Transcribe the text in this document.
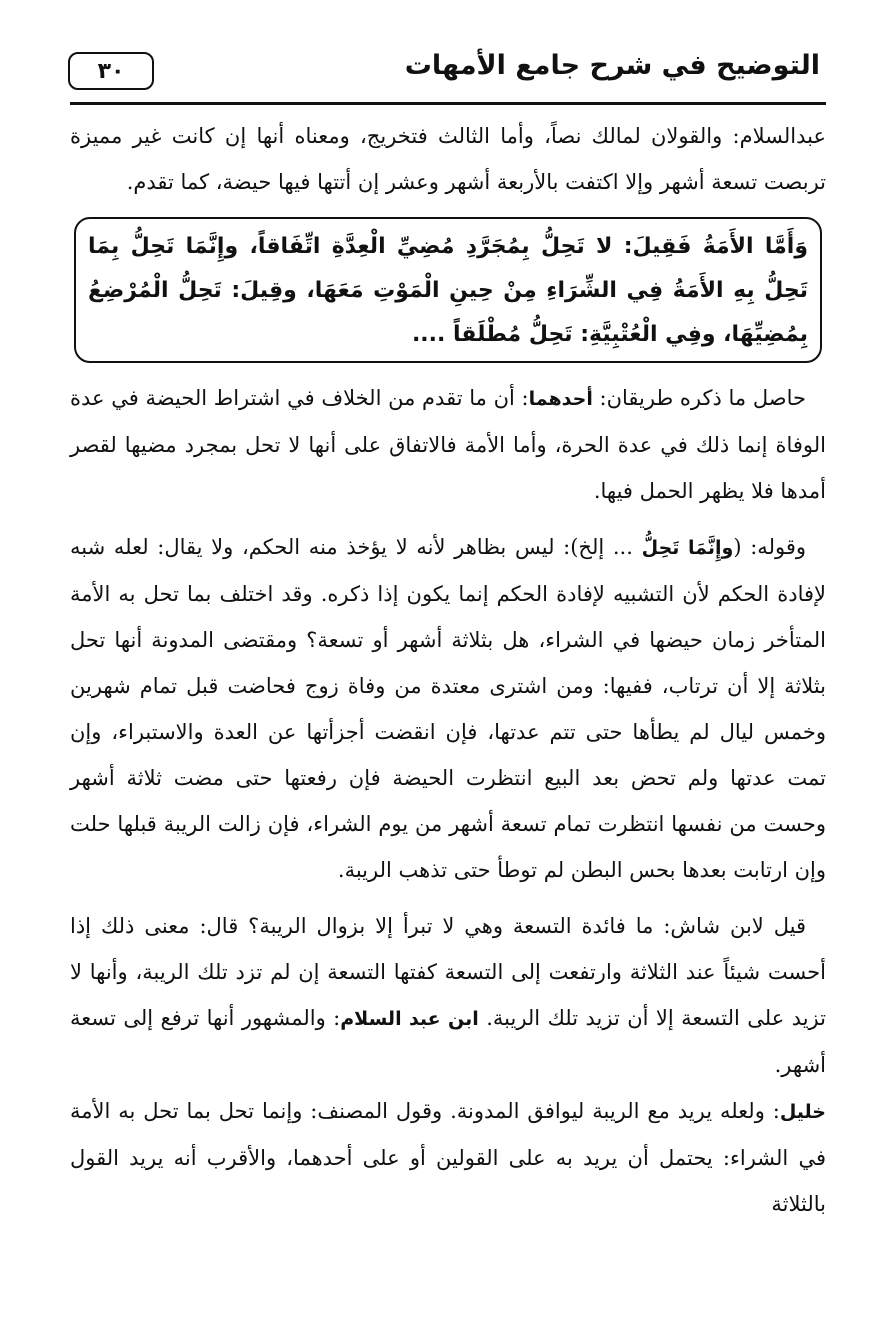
٣٠	التوضيح في شرح جامع الأمهات

عبدالسلام: والقولان لمالك نصاً، وأما الثالث فتخريج، ومعناه أنها إن كانت غير مميزة تربصت تسعة أشهر وإلا اكتفت بالأربعة أشهر وعشر إن أتتها فيها حيضة، كما تقدم.

وَأَمَّا الأَمَةُ فَقِيلَ: لا تَحِلُّ بِمُجَرَّدِ مُضِيِّ الْعِدَّةِ اتِّفَاقاً، وإِنَّمَا تَحِلُّ بِمَا تَحِلُّ بِهِ الأَمَةُ فِي الشِّرَاءِ مِنْ حِينِ الْمَوْتِ مَعَهَا، وقِيلَ: تَحِلُّ الْمُرْضِعُ بِمُضِيِّهَا، وفِي الْعُتْبِيَّةِ: تَحِلُّ مُطْلَقاً ....

حاصل ما ذكره طريقان: أحدهما: أن ما تقدم من الخلاف في اشتراط الحيضة في عدة الوفاة إنما ذلك في عدة الحرة، وأما الأمة فالاتفاق على أنها لا تحل بمجرد مضيها لقصر أمدها فلا يظهر الحمل فيها.

وقوله: (وإِنَّمَا تَحِلُّ ... إلخ): ليس بظاهر لأنه لا يؤخذ منه الحكم، ولا يقال: لعله شبه لإفادة الحكم لأن التشبيه لإفادة الحكم إنما يكون إذا ذكره. وقد اختلف بما تحل به الأمة المتأخر زمان حيضها في الشراء، هل بثلاثة أشهر أو تسعة؟ ومقتضى المدونة أنها تحل بثلاثة إلا أن ترتاب، ففيها: ومن اشترى معتدة من وفاة زوج فحاضت قبل تمام شهرين وخمس ليال لم يطأها حتى تتم عدتها، فإن انقضت أجزأتها عن العدة والاستبراء، وإن تمت عدتها ولم تحض بعد البيع انتظرت الحيضة فإن رفعتها حتى مضت ثلاثة أشهر وحست من نفسها انتظرت تمام تسعة أشهر من يوم الشراء، فإن زالت الريبة قبلها حلت وإن ارتابت بعدها بحس البطن لم توطأ حتى تذهب الريبة.

قيل لابن شاش: ما فائدة التسعة وهي لا تبرأ إلا بزوال الريبة؟ قال: معنى ذلك إذا أحست شيئاً عند الثلاثة وارتفعت إلى التسعة كفتها التسعة إن لم تزد تلك الريبة، وأنها لا تزيد على التسعة إلا أن تزيد تلك الريبة. ابن عبد السلام: والمشهور أنها ترفع إلى تسعة أشهر.

خليل: ولعله يريد مع الريبة ليوافق المدونة. وقول المصنف: وإنما تحل بما تحل به الأمة في الشراء: يحتمل أن يريد به على القولين أو على أحدهما، والأقرب أنه يريد القول بالثلاثة
